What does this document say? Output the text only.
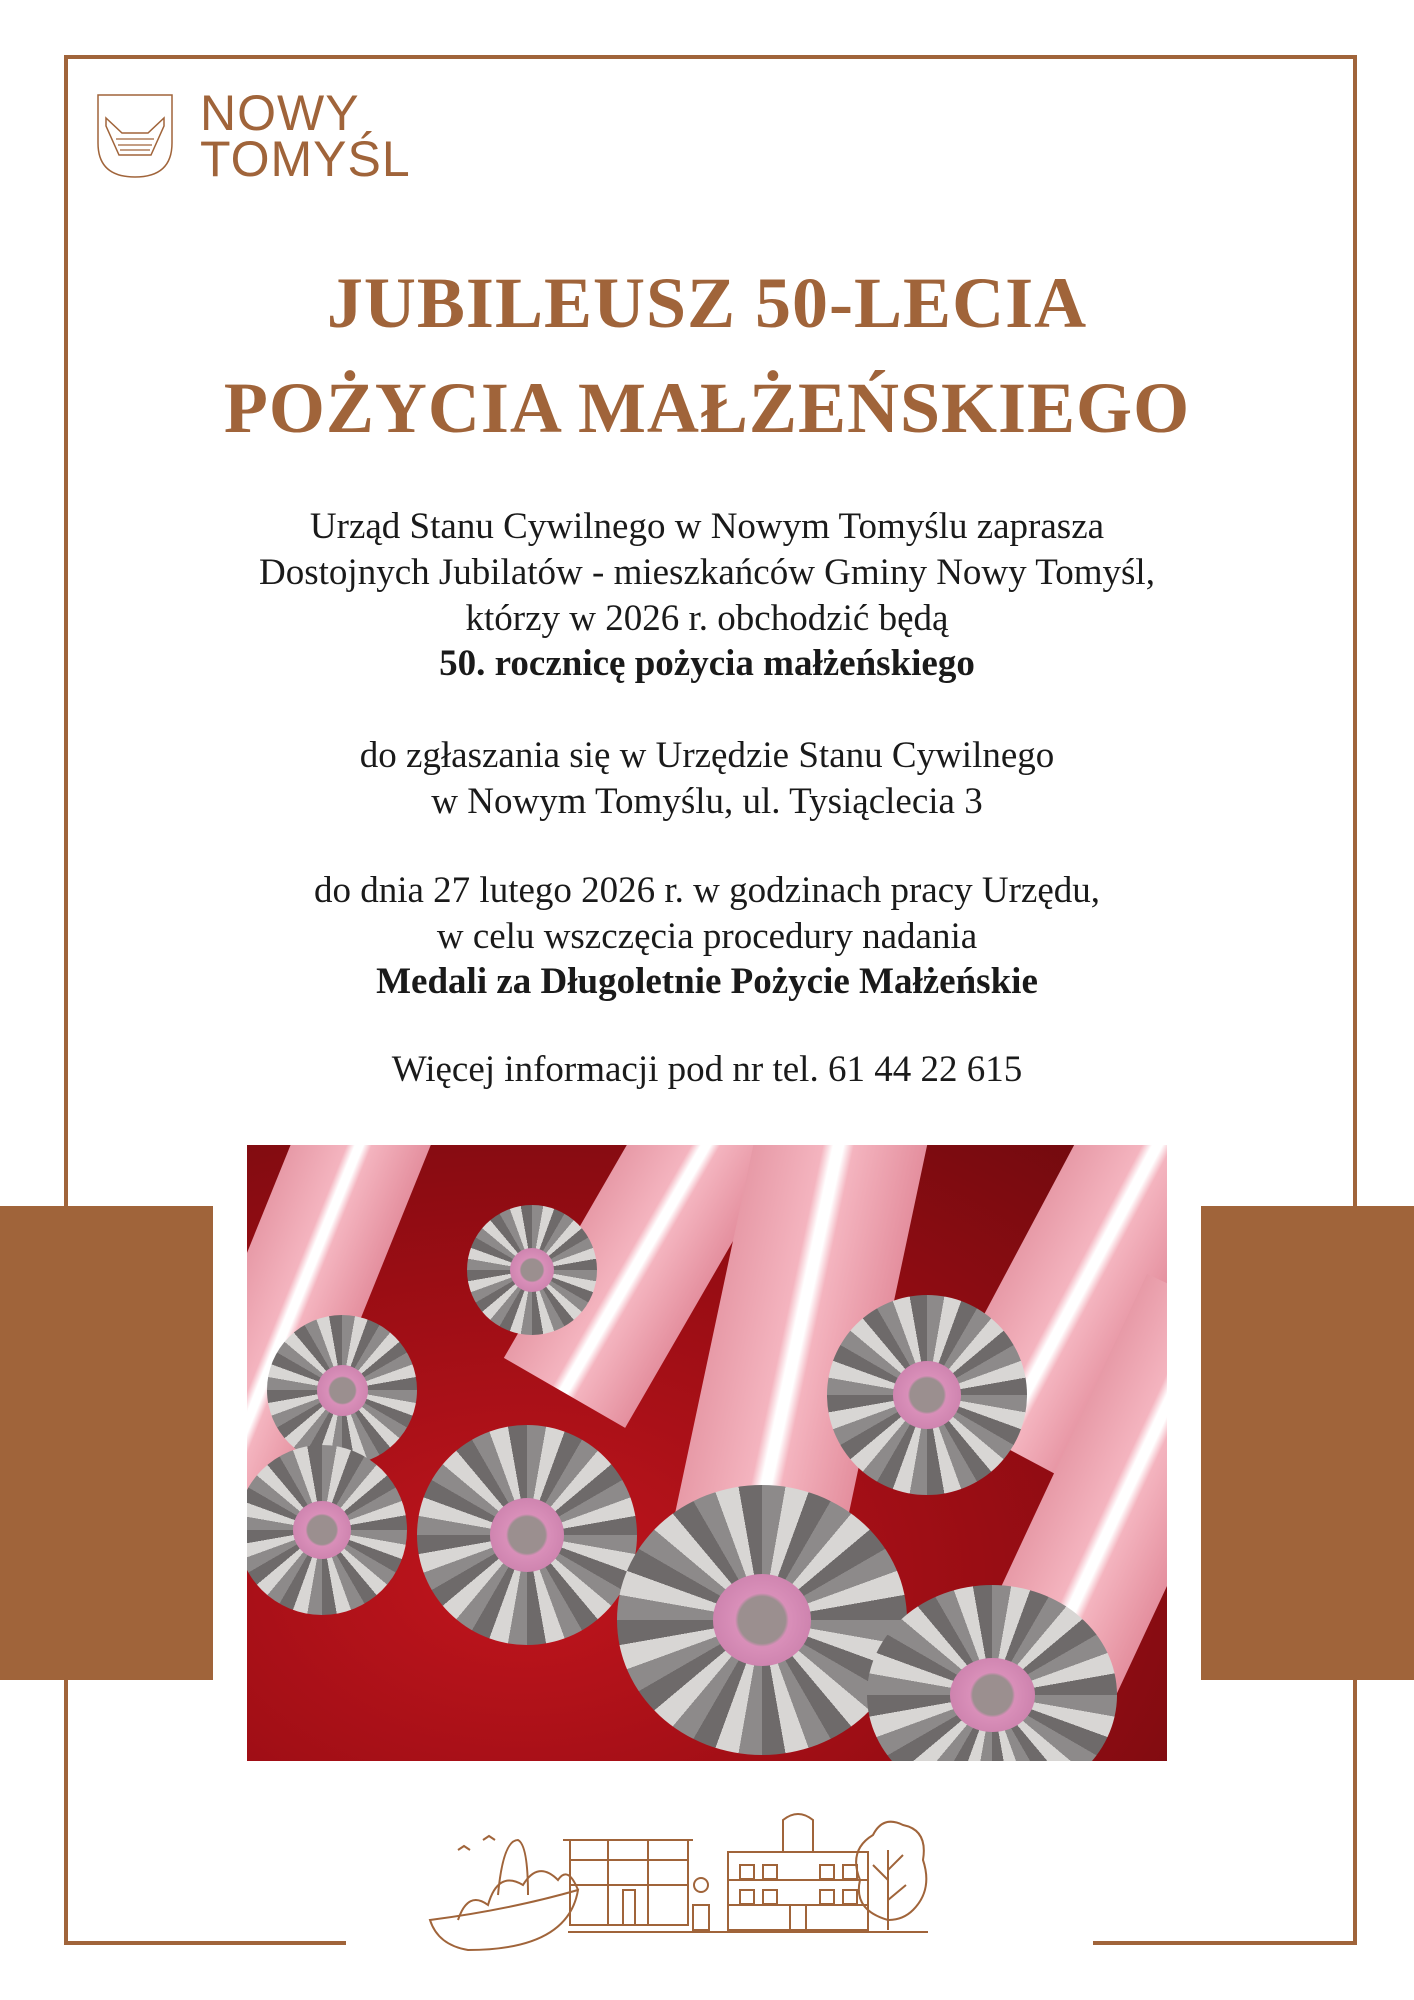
NOWY
TOMYŚL
JUBILEUSZ 50-LECIA
POŻYCIA MAŁŻEŃSKIEGO
Urząd Stanu Cywilnego w Nowym Tomyślu zaprasza
Dostojnych Jubilatów - mieszkańców Gminy Nowy Tomyśl,
którzy w 2026 r. obchodzić będą
50. rocznicę pożycia małżeńskiego
do zgłaszania się w Urzędzie Stanu Cywilnego
w Nowym Tomyślu, ul. Tysiąclecia 3
do dnia 27 lutego 2026 r. w godzinach pracy Urzędu,
w celu wszczęcia procedury nadania
Medali za Długoletnie Pożycie Małżeńskie
Więcej informacji pod nr tel. 61 44 22 615
